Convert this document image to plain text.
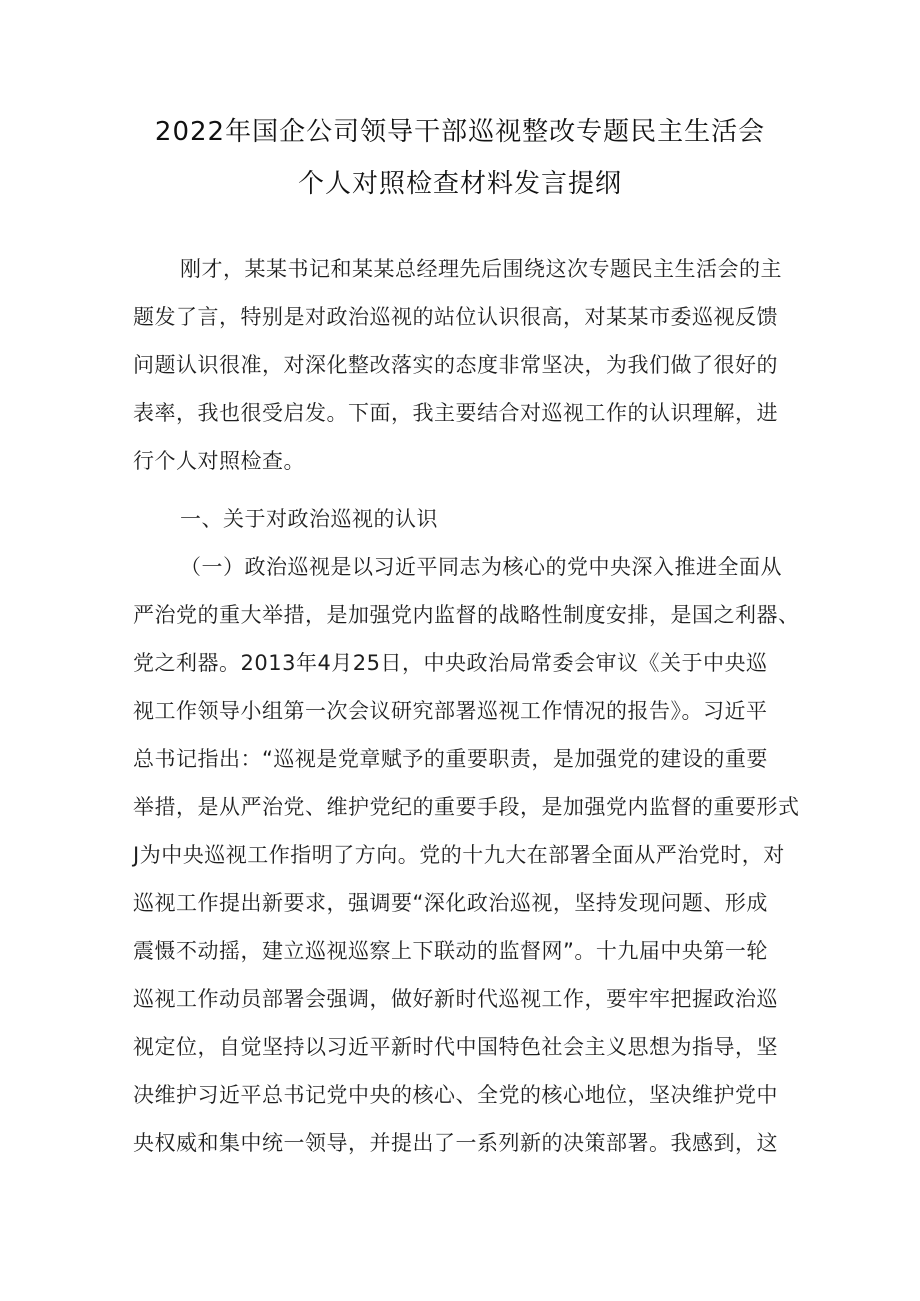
2022年国企公司领导干部巡视整改专题民主生活会
个人对照检查材料发言提纲
刚才，某某书记和某某总经理先后围绕这次专题民主生活会的主
题发了言，特别是对政治巡视的站位认识很高，对某某市委巡视反馈
问题认识很准，对深化整改落实的态度非常坚决，为我们做了很好的
表率，我也很受启发。下面，我主要结合对巡视工作的认识理解，进
行个人对照检查。
一、关于对政治巡视的认识
（一）政治巡视是以习近平同志为核心的党中央深入推进全面从
严治党的重大举措，是加强党内监督的战略性制度安排，是国之利器、
党之利器。2013年4月25日，中央政治局常委会审议《关于中央巡
视工作领导小组第一次会议研究部署巡视工作情况的报告》。习近平
总书记指出：“巡视是党章赋予的重要职责，是加强党的建设的重要
举措，是从严治党、维护党纪的重要手段，是加强党内监督的重要形式
J为中央巡视工作指明了方向。党的十九大在部署全面从严治党时，对
巡视工作提出新要求，强调要“深化政治巡视，坚持发现问题、形成
震慑不动摇，建立巡视巡察上下联动的监督网”。十九届中央第一轮
巡视工作动员部署会强调，做好新时代巡视工作，要牢牢把握政治巡
视定位，自觉坚持以习近平新时代中国特色社会主义思想为指导，坚
决维护习近平总书记党中央的核心、全党的核心地位，坚决维护党中
央权威和集中统一领导，并提出了一系列新的决策部署。我感到，这
